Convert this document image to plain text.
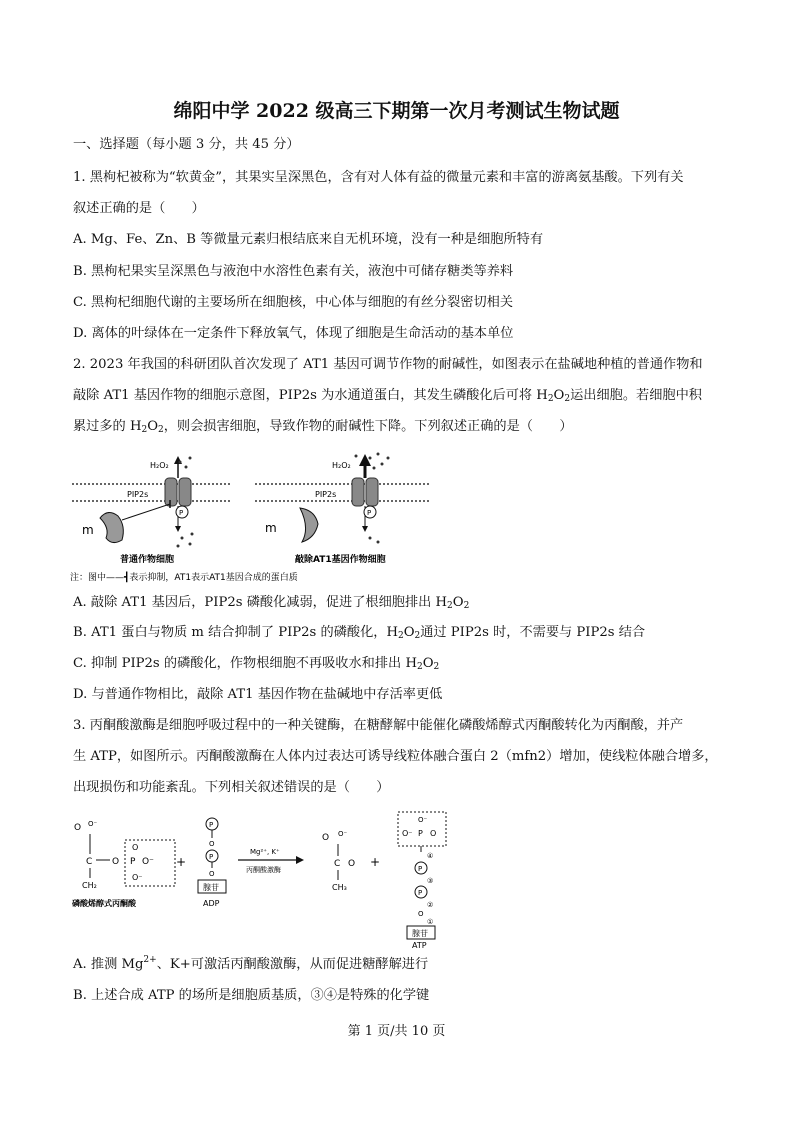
绵阳中学 2022 级高三下期第一次月考测试生物试题
一、选择题（每小题 3 分，共 45 分）
1. 黑枸杞被称为“软黄金”，其果实呈深黑色，含有对人体有益的微量元素和丰富的游离氨基酸。下列有关
叙述正确的是（　　）
A. Mg、Fe、Zn、B 等微量元素归根结底来自无机环境，没有一种是细胞所特有
B. 黑枸杞果实呈深黑色与液泡中水溶性色素有关，液泡中可储存糖类等养料
C. 黑枸杞细胞代谢的主要场所在细胞核，中心体与细胞的有丝分裂密切相关
D. 离体的叶绿体在一定条件下释放氧气，体现了细胞是生命活动的基本单位
2. 2023 年我国的科研团队首次发现了 AT1 基因可调节作物的耐碱性，如图表示在盐碱地种植的普通作物和
敲除 AT1 基因作物的细胞示意图，PIP2s 为水通道蛋白，其发生磷酸化后可将 $H_2O_2$运出细胞。若细胞中积
累过多的 $H_2O_2$，则会损害细胞，导致作物的耐碱性下降。下列叙述正确的是（　　）
PIP2s
H₂O₂
P
m
普通作物细胞
PIP2s
H₂O₂
P
m
敲除AT1基因作物细胞
注：图中——┫表示抑制，AT1表示AT1基因合成的蛋白质
A. 敲除 AT1 基因后，PIP2s 磷酸化减弱，促进了根细胞排出 $H_2O_2$
B. AT1 蛋白与物质 m 结合抑制了 PIP2s 的磷酸化，$H_2O_2$通过 PIP2s 时，不需要与 PIP2s 结合
C. 抑制 PIP2s 的磷酸化，作物根细胞不再吸收水和排出 $H_2O_2$
D. 与普通作物相比，敲除 AT1 基因作物在盐碱地中存活率更低
3. 丙酮酸激酶是细胞呼吸过程中的一种关键酶，在糖酵解中能催化磷酸烯醇式丙酮酸转化为丙酮酸，并产
生 ATP，如图所示。丙酮酸激酶在人体内过表达可诱导线粒体融合蛋白 2（mfn2）增加，使线粒体融合增多，
出现损伤和功能紊乱。下列相关叙述错误的是（　　）
O O⁻
C O P O⁻
O
O⁻
CH₂
磷酸烯醇式丙酮酸
+
P
O
P
O
腺苷
ADP
Mg²⁺, K⁺
丙酮酸激酶
O O⁻
C O
CH₃
+
O⁻
O⁻ P O
④
P
③
P
②
O
①
腺苷
ATP
A. 推测 $Mg^{2+}$、K+可激活丙酮酸激酶，从而促进糖酵解进行
B. 上述合成 ATP 的场所是细胞质基质，③④是特殊的化学键
第 1 页/共 10 页
